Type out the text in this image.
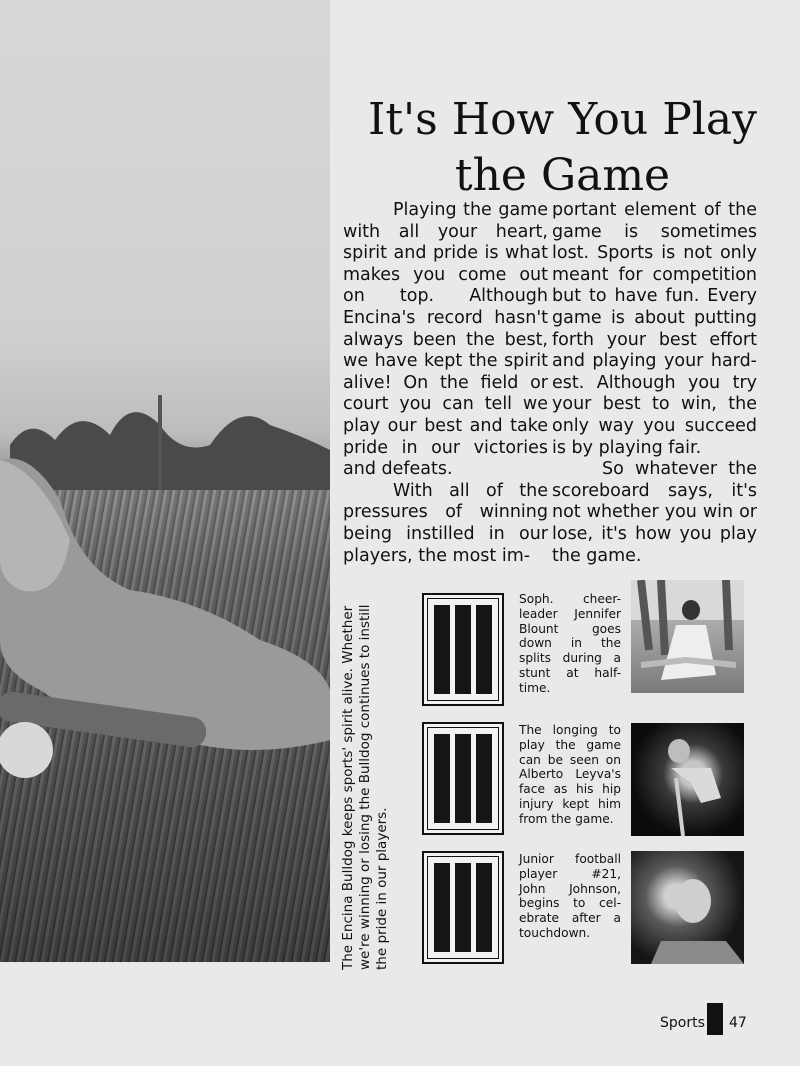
It's How You Play
the Game

Playing the game with all your heart, spirit and pride is what makes you come out on top. Although Encina's record hasn't always been the best, we have kept the spirit alive! On the field or court you can tell we play our best and take pride in our victories and defeats.

With all of the pressures of winning being instilled in our players, the most im-

portant element of the game is sometimes lost. Sports is not only meant for competition but to have fun. Every game is about putting forth your best effort and playing your hard-est. Although you try your best to win, the only way you succeed is by playing fair.

So whatever the scoreboard says, it's not whether you win or lose, it's how you play the game.

The Encina Bulldog keeps sports' spirit alive. Whether we're winning or losing the Bulldog continues to instill the pride in our players.
Soph. cheer-leader Jennifer Blount goes down in the splits during a stunt at half-time.
The longing to play the game can be seen on Alberto Leyva's face as his hip injury kept him from the game.
Junior football player #21, John Johnson, begins to cel-ebrate after a touchdown.
Sports 47
